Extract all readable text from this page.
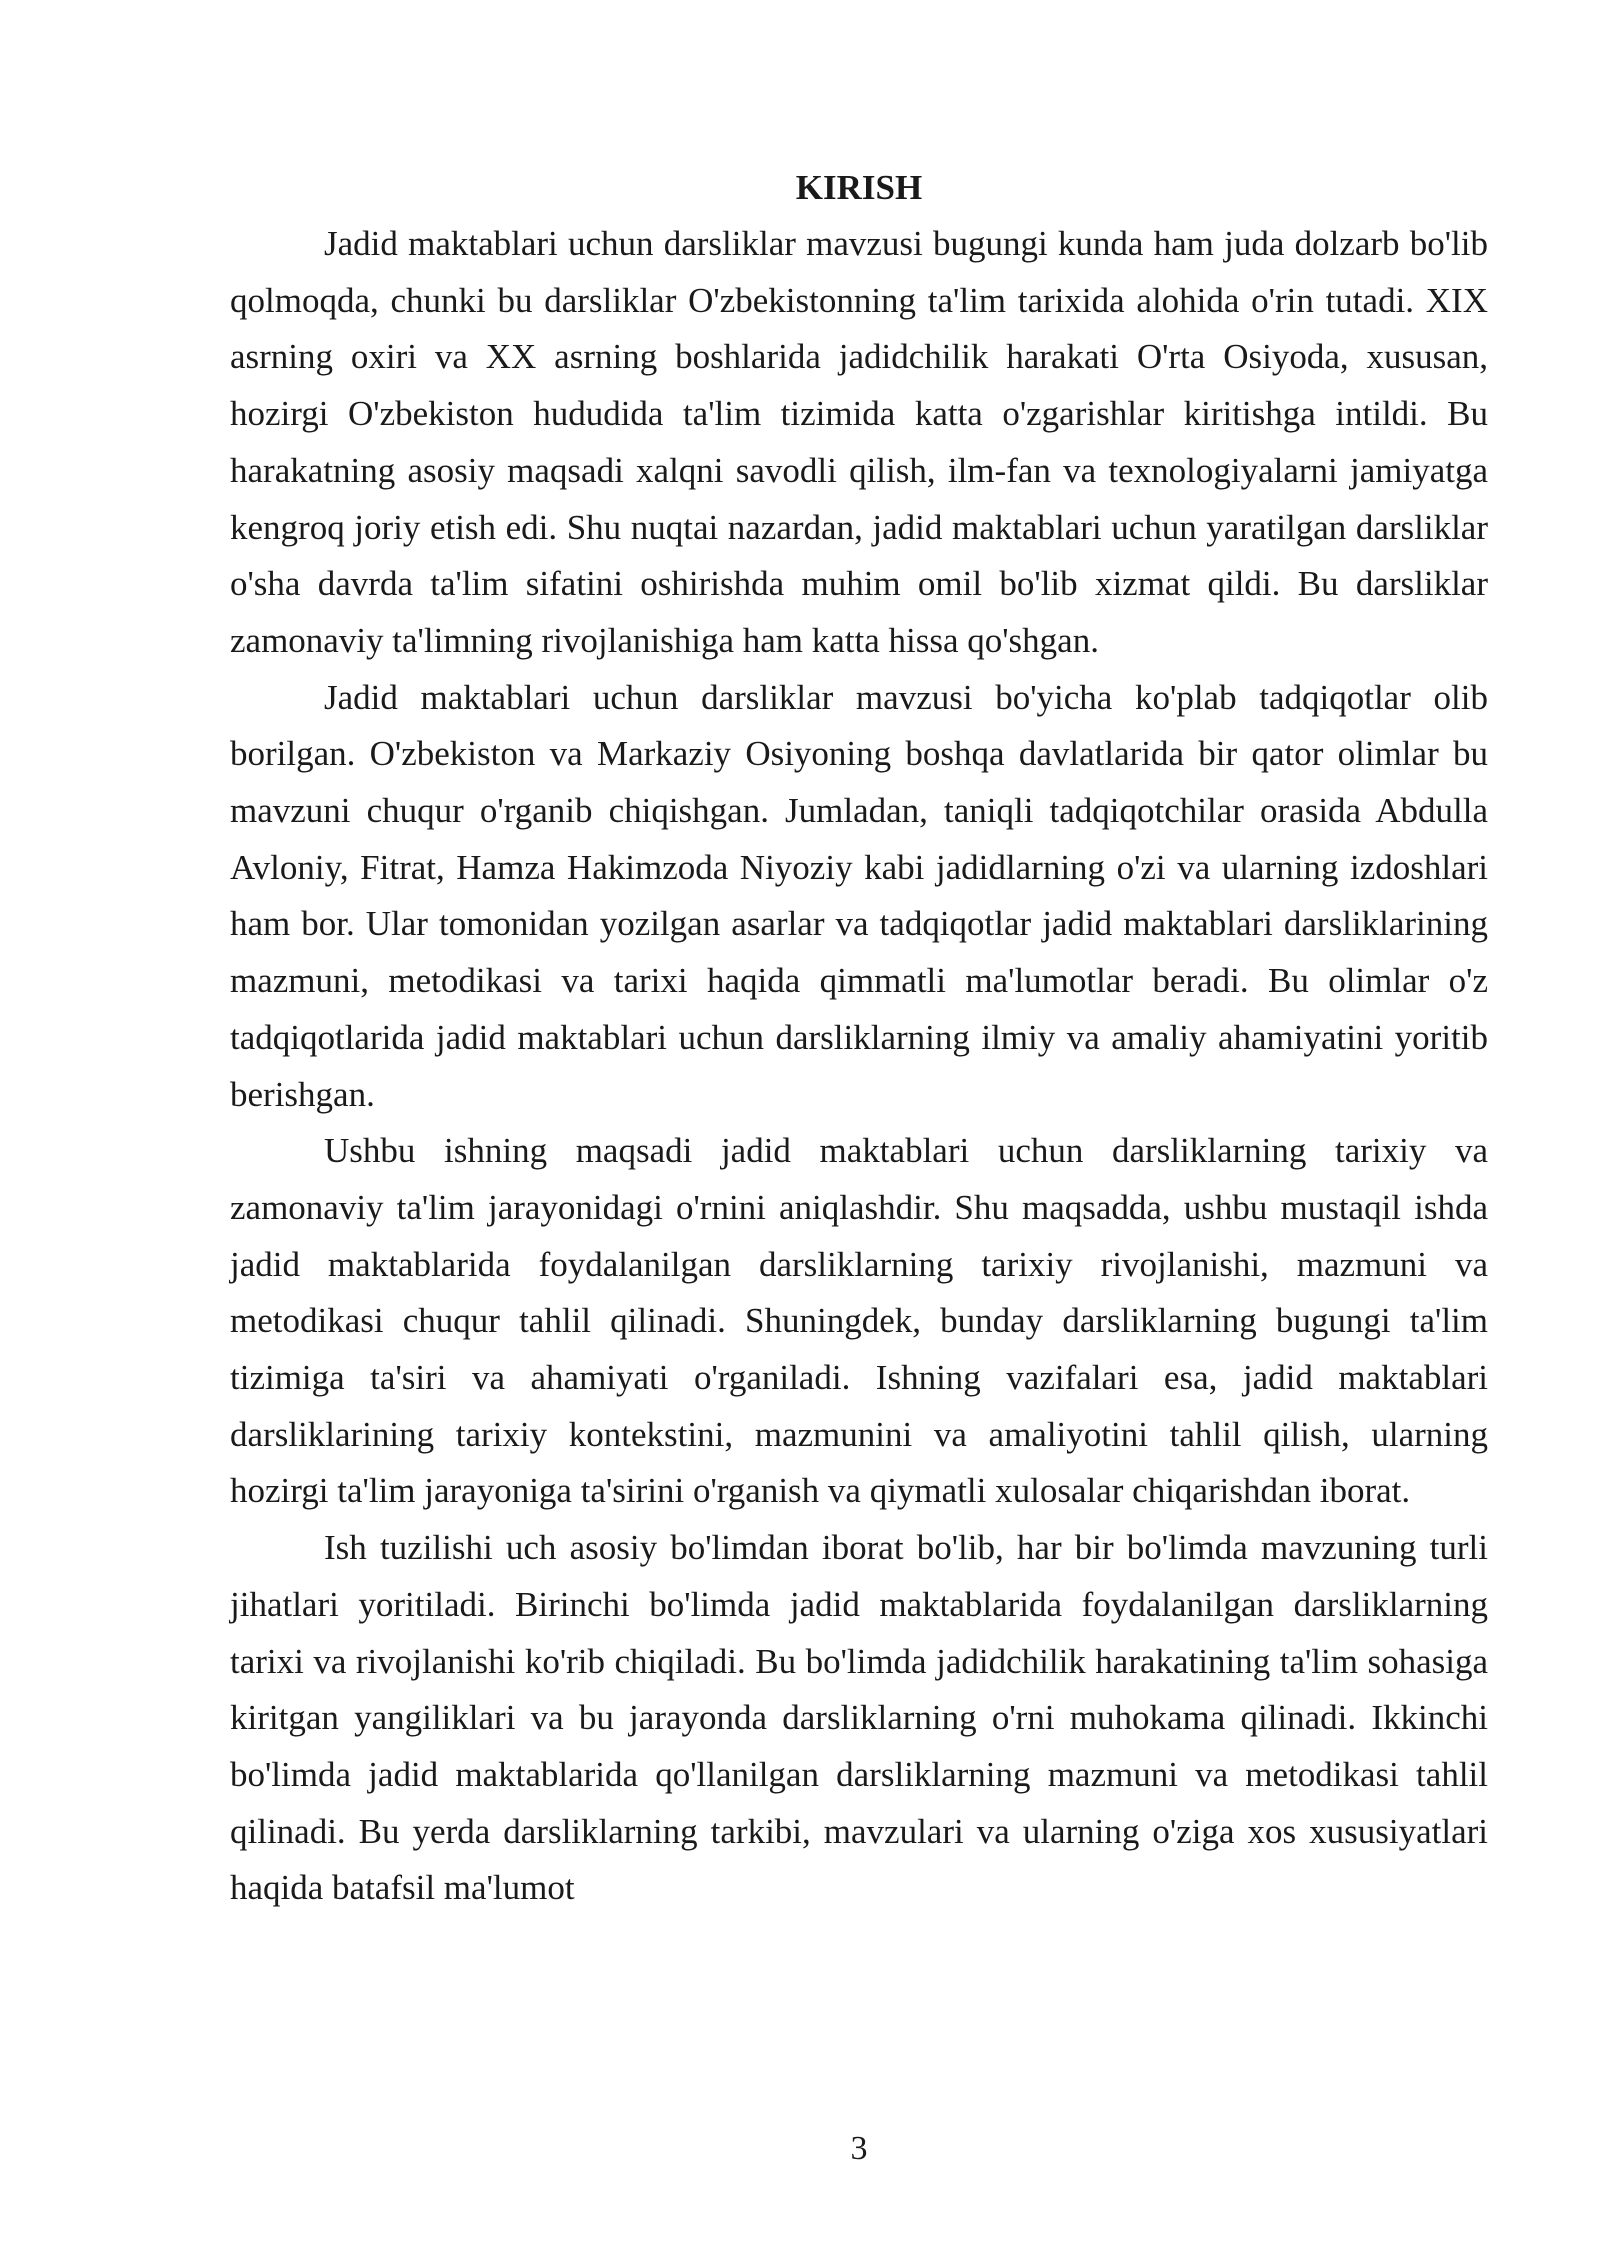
KIRISH

Jadid maktablari uchun darsliklar mavzusi bugungi kunda ham juda dolzarb bo'lib qolmoqda, chunki bu darsliklar O'zbekistonning ta'lim tarixida alohida o'rin tutadi. XIX asrning oxiri va XX asrning boshlarida jadidchilik harakati O'rta Osiyoda, xususan, hozirgi O'zbekiston hududida ta'lim tizimida katta o'zgarishlar kiritishga intildi. Bu harakatning asosiy maqsadi xalqni savodli qilish, ilm-fan va texnologiyalarni jamiyatga kengroq joriy etish edi. Shu nuqtai nazardan, jadid maktablari uchun yaratilgan darsliklar o'sha davrda ta'lim sifatini oshirishda muhim omil bo'lib xizmat qildi. Bu darsliklar zamonaviy ta'limning rivojlanishiga ham katta hissa qo'shgan.

Jadid maktablari uchun darsliklar mavzusi bo'yicha ko'plab tadqiqotlar olib borilgan. O'zbekiston va Markaziy Osiyoning boshqa davlatlarida bir qator olimlar bu mavzuni chuqur o'rganib chiqishgan. Jumladan, taniqli tadqiqotchilar orasida Abdulla Avloniy, Fitrat, Hamza Hakimzoda Niyoziy kabi jadidlarning o'zi va ularning izdoshlari ham bor. Ular tomonidan yozilgan asarlar va tadqiqotlar jadid maktablari darsliklarining mazmuni, metodikasi va tarixi haqida qimmatli ma'lumotlar beradi. Bu olimlar o'z tadqiqotlarida jadid maktablari uchun darsliklarning ilmiy va amaliy ahamiyatini yoritib berishgan.

Ushbu ishning maqsadi jadid maktablari uchun darsliklarning tarixiy va zamonaviy ta'lim jarayonidagi o'rnini aniqlashdir. Shu maqsadda, ushbu mustaqil ishda jadid maktablarida foydalanilgan darsliklarning tarixiy rivojlanishi, mazmuni va metodikasi chuqur tahlil qilinadi. Shuningdek, bunday darsliklarning bugungi ta'lim tizimiga ta'siri va ahamiyati o'rganiladi. Ishning vazifalari esa, jadid maktablari darsliklarining tarixiy kontekstini, mazmunini va amaliyotini tahlil qilish, ularning hozirgi ta'lim jarayoniga ta'sirini o'rganish va qiymatli xulosalar chiqarishdan iborat.

Ish tuzilishi uch asosiy bo'limdan iborat bo'lib, har bir bo'limda mavzuning turli jihatlari yoritiladi. Birinchi bo'limda jadid maktablarida foydalanilgan darsliklarning tarixi va rivojlanishi ko'rib chiqiladi. Bu bo'limda jadidchilik harakatining ta'lim sohasiga kiritgan yangiliklari va bu jarayonda darsliklarning o'rni muhokama qilinadi. Ikkinchi bo'limda jadid maktablarida qo'llanilgan darsliklarning mazmuni va metodikasi tahlil qilinadi. Bu yerda darsliklarning tarkibi, mavzulari va ularning o'ziga xos xususiyatlari haqida batafsil ma'lumot

3
